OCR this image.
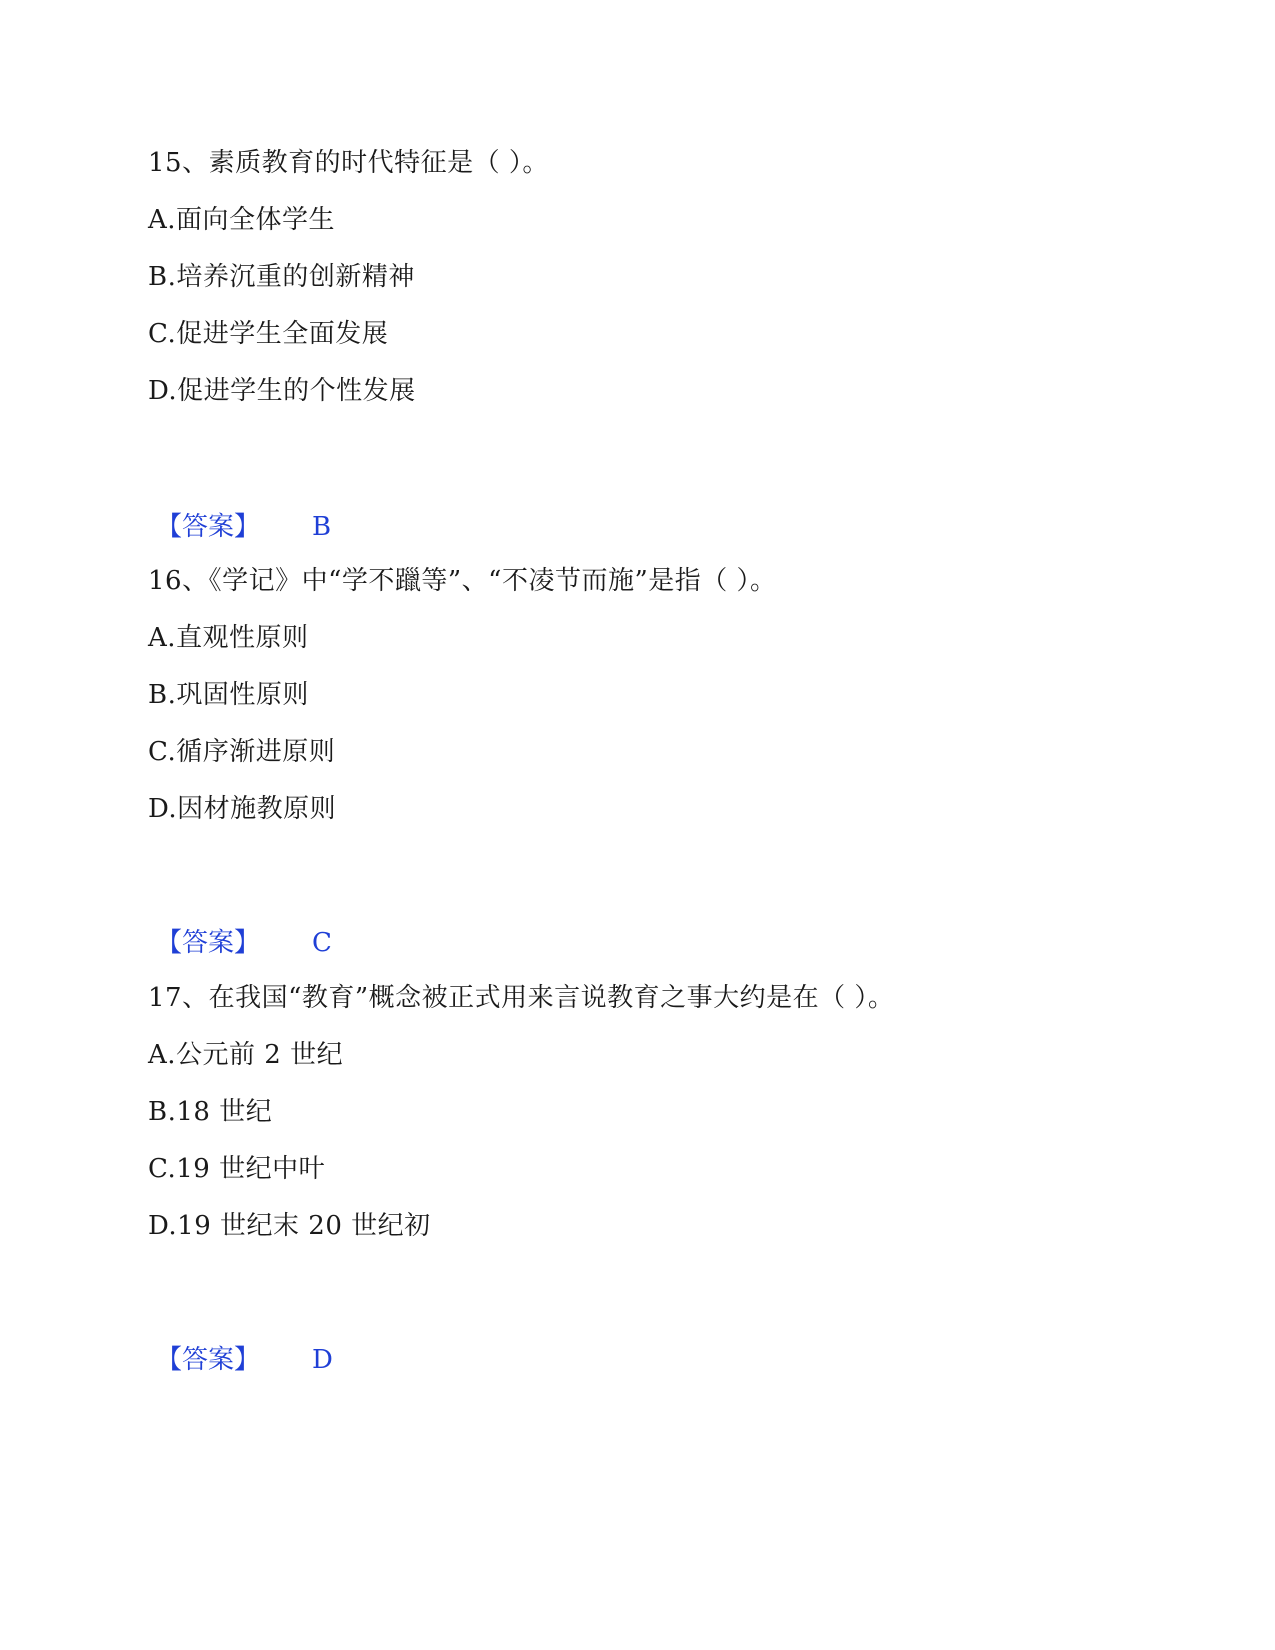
15、素质教育的时代特征是（ ）。
A.面向全体学生
B.培养沉重的创新精神
C.促进学生全面发展
D.促进学生的个性发展
【答案】 B
16、《学记》中“学不躐等”、“不凌节而施”是指（ ）。
A.直观性原则
B.巩固性原则
C.循序渐进原则
D.因材施教原则
【答案】 C
17、在我国“教育”概念被正式用来言说教育之事大约是在（ ）。
A.公元前 2 世纪
B.18 世纪
C.19 世纪中叶
D.19 世纪末 20 世纪初
【答案】 D
